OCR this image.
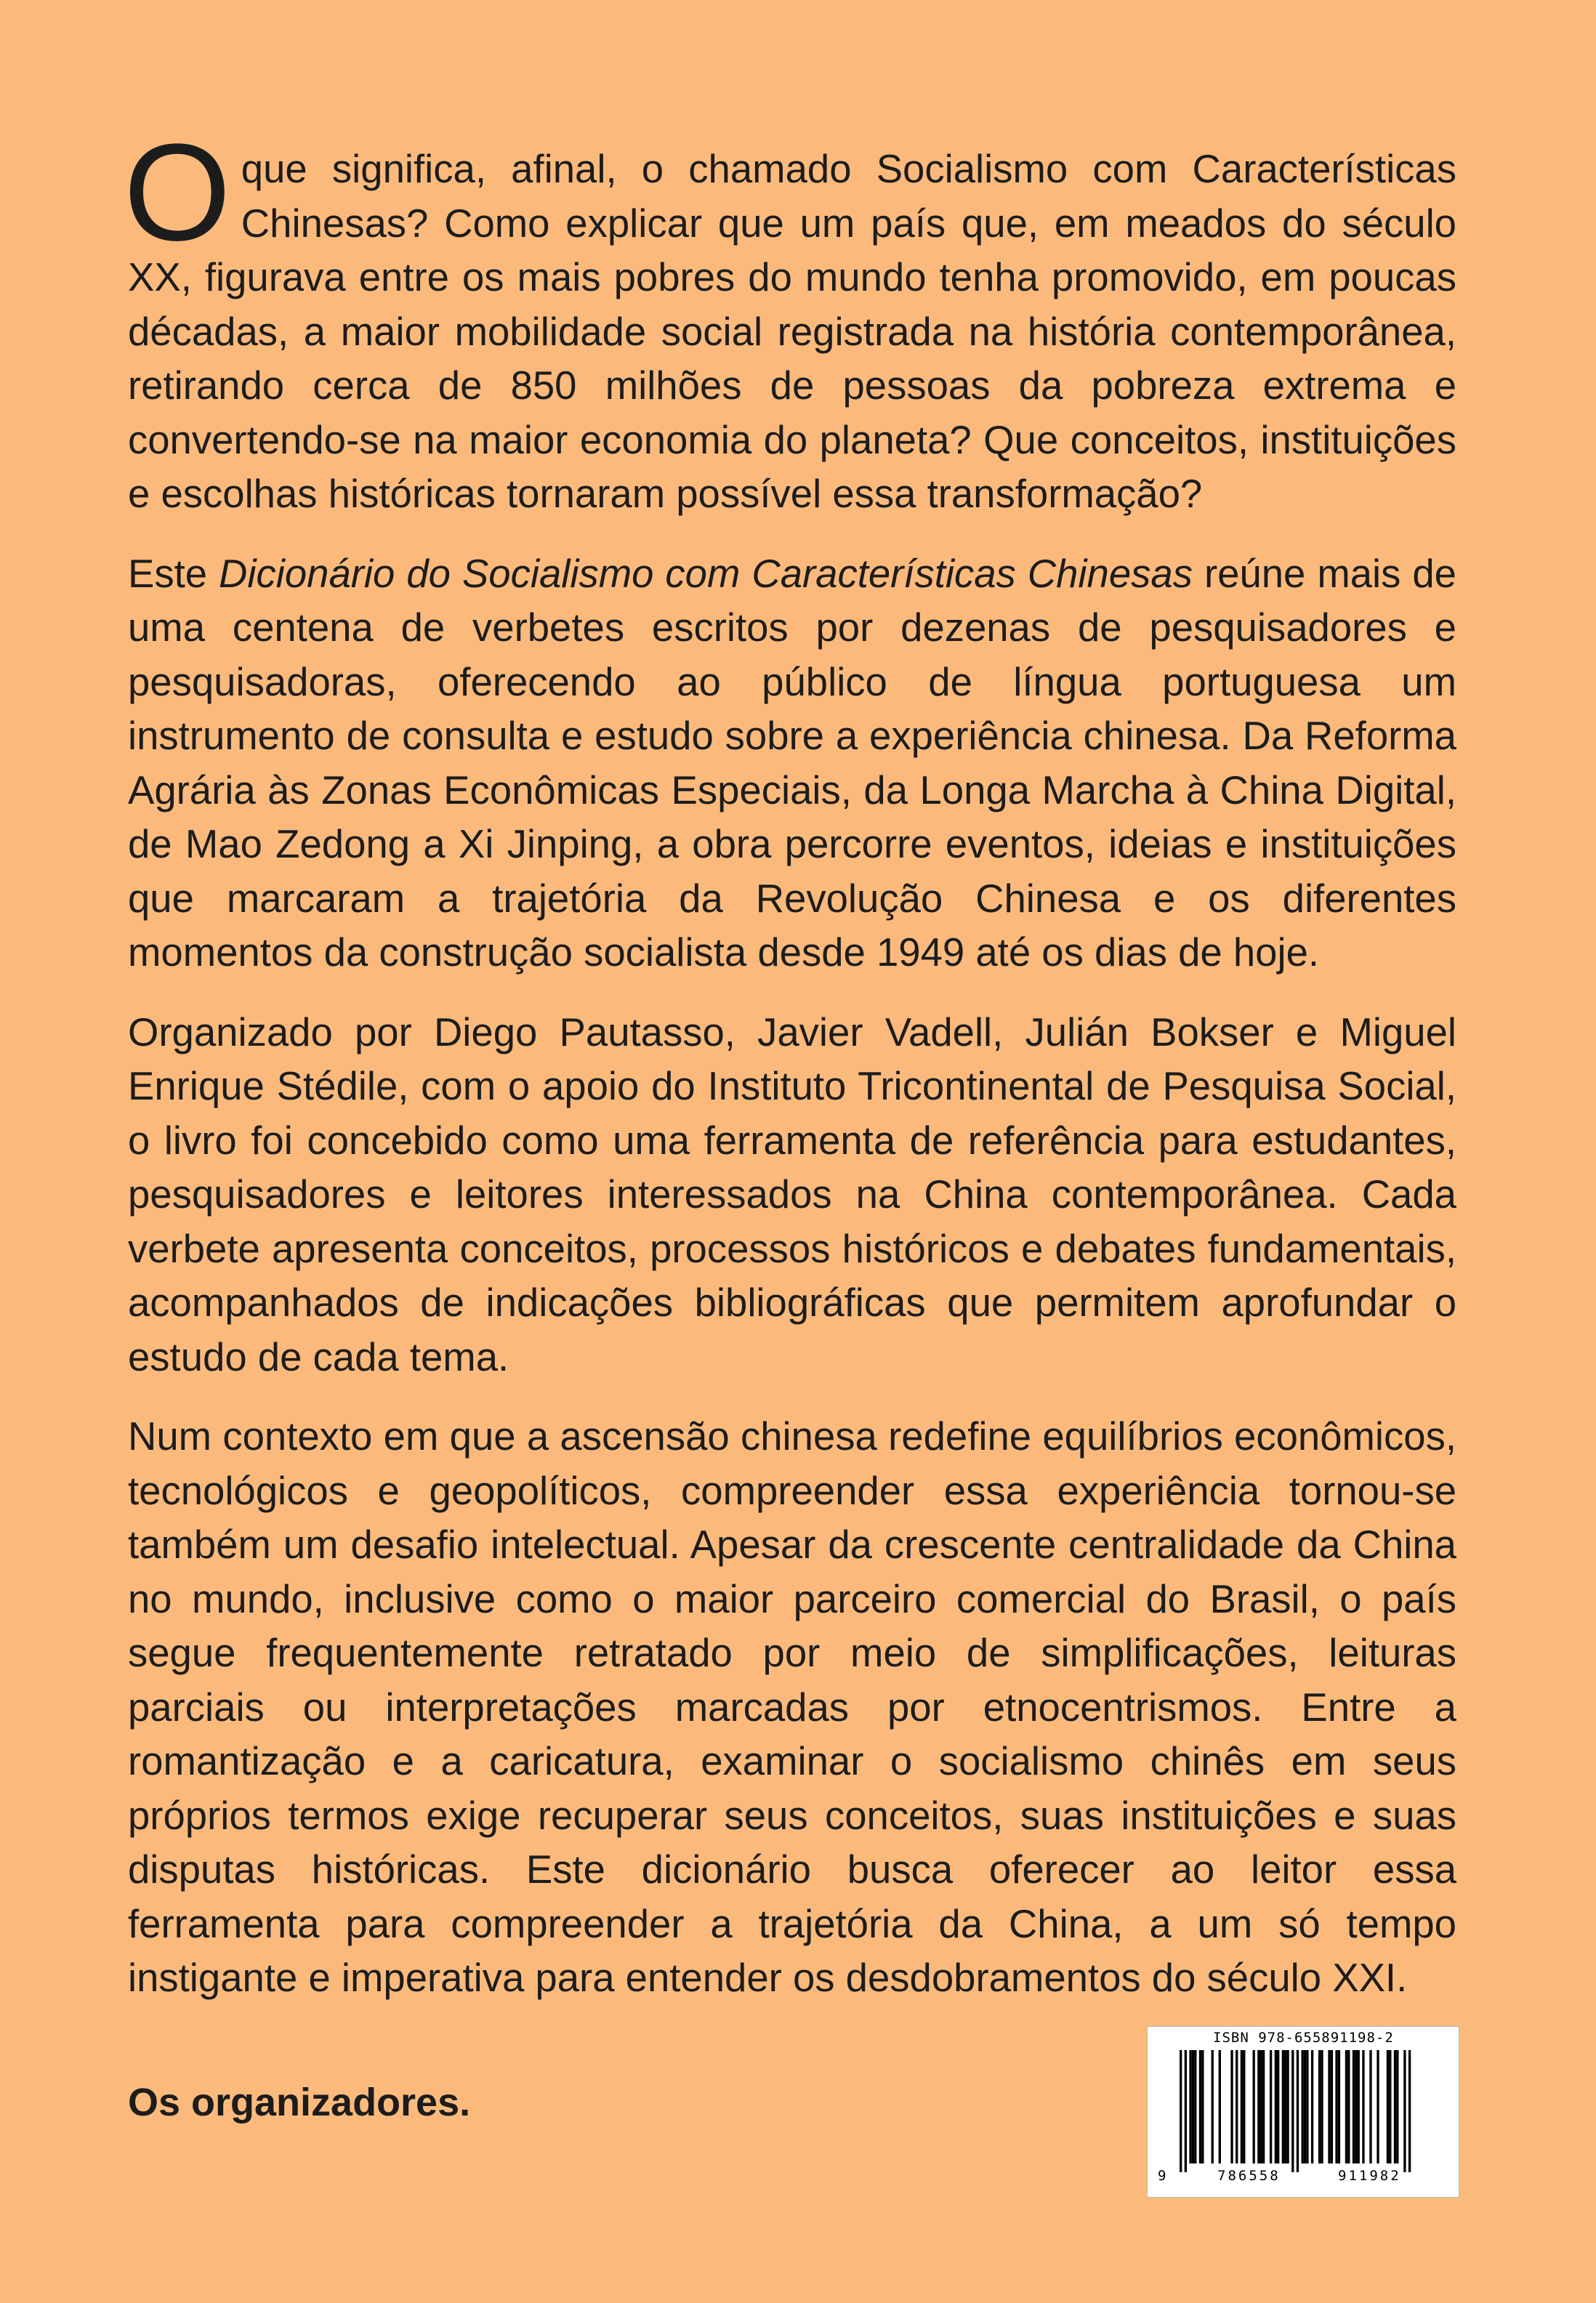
Oque significa, afinal, o chamado Socialismo com Características Chinesas? Como explicar que um país que, em meados do século XX, figurava entre os mais pobres do mundo tenha promovido, em poucas décadas, a maior mobilidade social registrada na história contemporânea, retirando cerca de 850 milhões de pessoas da pobreza extrema e convertendo-se na maior economia do planeta? Que conceitos, instituições e escolhas históricas tornaram possível essa transformação?

Este Dicionário do Socialismo com Características Chinesas reúne mais de uma centena de verbetes escritos por dezenas de pesquisadores e pesquisadoras, oferecendo ao público de língua portuguesa um instrumento de consulta e estudo sobre a experiência chinesa. Da Reforma Agrária às Zonas Econômicas Especiais, da Longa Marcha à China Digital, de Mao Zedong a Xi Jinping, a obra percorre eventos, ideias e instituições que marcaram a trajetória da Revolução Chinesa e os diferentes momentos da construção socialista desde 1949 até os dias de hoje.

Organizado por Diego Pautasso, Javier Vadell, Julián Bokser e Miguel Enrique Stédile, com o apoio do Instituto Tricontinental de Pesquisa Social, o livro foi concebido como uma ferramenta de referência para estudantes, pesquisadores e leitores interessados na China contemporânea. Cada verbete apresenta conceitos, processos históricos e debates fundamentais, acompanhados de indicações bibliográficas que permitem aprofundar o estudo de cada tema.

Num contexto em que a ascensão chinesa redefine equilíbrios econômicos, tecnológicos e geopolíticos, compreender essa experiência tornou-se também um desafio intelectual. Apesar da crescente centralidade da China no mundo, inclusive como o maior parceiro comercial do Brasil, o país segue frequentemente retratado por meio de simplificações, leituras parciais ou interpretações marcadas por etnocentrismos. Entre a romantização e a caricatura, examinar o socialismo chinês em seus próprios termos exige recuperar seus conceitos, suas instituições e suas disputas históricas. Este dicionário busca oferecer ao leitor essa ferramenta para compreender a trajetória da China, a um só tempo instigante e imperativa para entender os desdobramentos do século XXI.

Os organizadores.

ISBN 978-655891198-2
9	786558	911982
